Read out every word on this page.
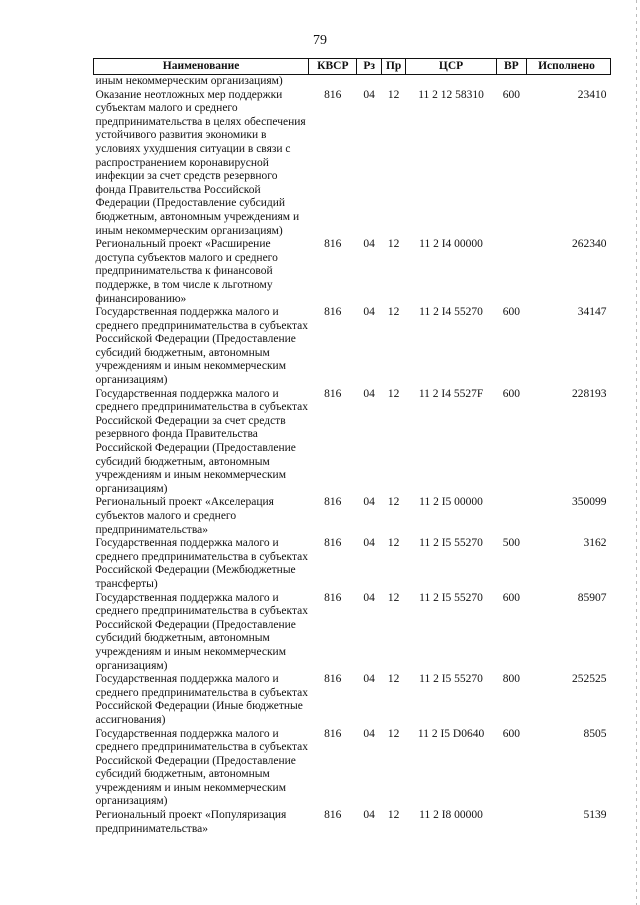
79
Наименование	КВСР	Рз	Пр	ЦСР	ВР	Исполнено
иным некоммерческим организациям)						
Оказание неотложных мер поддержки субъектам малого и среднего предпринимательства в целях обеспечения устойчивого развития экономики в условиях ухудшения ситуации в связи с распространением коронавирусной инфекции за счет средств резервного фонда Правительства Российской Федерации (Предоставление субсидий бюджетным, автономным учреждениям и иным некоммерческим организациям)	816	04	12	11 2 12 58310	600	23410
Региональный проект «Расширение доступа субъектов малого и среднего предпринимательства к финансовой поддержке, в том числе к льготному финансированию»	816	04	12	11 2 I4 00000		262340
Государственная поддержка малого и среднего предпринимательства в субъектах Российской Федерации (Предоставление субсидий бюджетным, автономным учреждениям и иным некоммерческим организациям)	816	04	12	11 2 I4 55270	600	34147
Государственная поддержка малого и среднего предпринимательства в субъектах Российской Федерации за счет средств резервного фонда Правительства Российской Федерации (Предоставление субсидий бюджетным, автономным учреждениям и иным некоммерческим организациям)	816	04	12	11 2 I4 5527F	600	228193
Региональный проект «Акселерация субъектов малого и среднего предпринимательства»	816	04	12	11 2 I5 00000		350099
Государственная поддержка малого и среднего предпринимательства в субъектах Российской Федерации (Межбюджетные трансферты)	816	04	12	11 2 I5 55270	500	3162
Государственная поддержка малого и среднего предпринимательства в субъектах Российской Федерации (Предоставление субсидий бюджетным, автономным учреждениям и иным некоммерческим организациям)	816	04	12	11 2 I5 55270	600	85907
Государственная поддержка малого и среднего предпринимательства в субъектах Российской Федерации (Иные бюджетные ассигнования)	816	04	12	11 2 I5 55270	800	252525
Государственная поддержка малого и среднего предпринимательства в субъектах Российской Федерации (Предоставление субсидий бюджетным, автономным учреждениям и иным некоммерческим организациям)	816	04	12	11 2 I5 D0640	600	8505
Региональный проект «Популяризация предпринимательства»	816	04	12	11 2 I8 00000		5139
